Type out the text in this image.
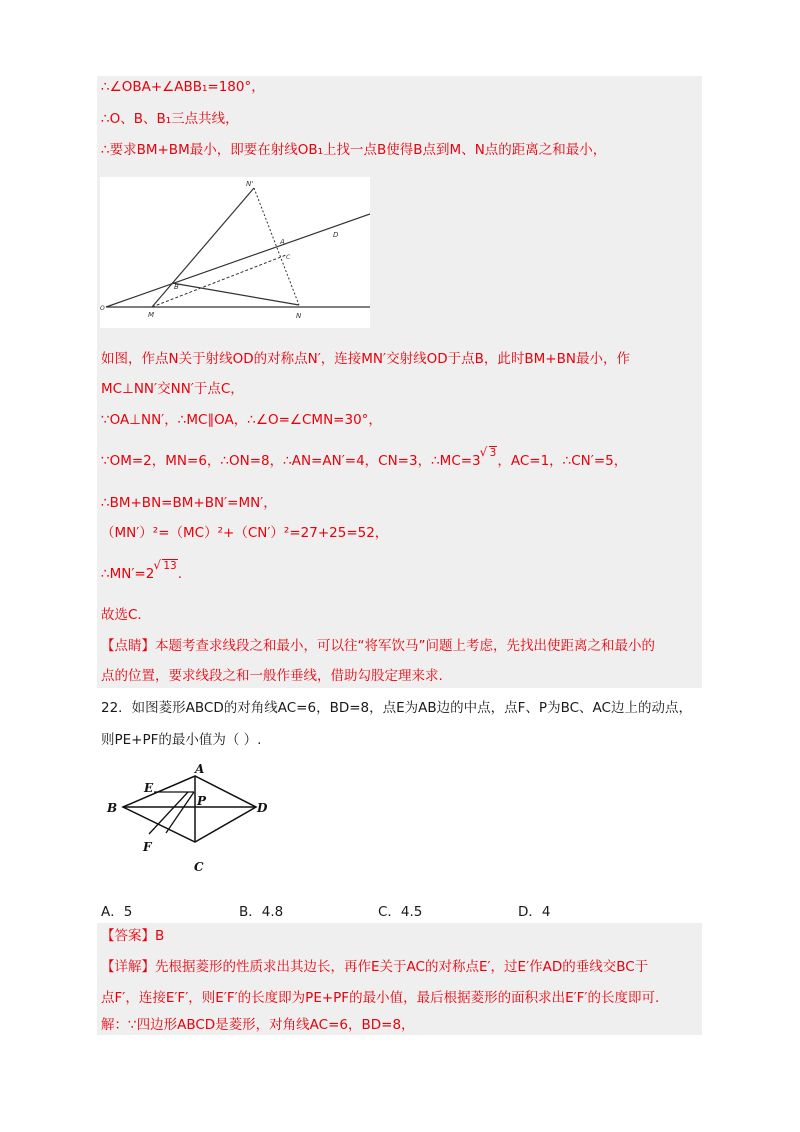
∴∠OBA+∠ABB₁=180°，
∴O、B、B₁三点共线，
∴要求BM+BM最小，即要在射线OB₁上找一点B使得B点到M、N点的距离之和最小，
N'
A
D
C
B
O
M	N
如图，作点N关于射线OD的对称点N′，连接MN′交射线OD于点B，此时BM+BN最小，作
MC⊥NN′交NN′于点C，
∵OA⊥NN′，∴MC∥OA，∴∠O=∠CMN=30°，
∵OM=2，MN=6，∴ON=8，∴AN=AN′=4，CN=3，∴MC=3 √ 3，AC=1，∴CN′=5，
∴BM+BN=BM+BN′=MN′，
（MN′）²=（MC）²+（CN′）²=27+25=52，
∴MN′=2 √ 13.
故选C.
【点睛】本题考查求线段之和最小，可以往“将军饮马”问题上考虑，先找出使距离之和最小的
点的位置，要求线段之和一般作垂线，借助勾股定理来求.
22．如图菱形ABCD的对角线AC=6，BD=8，点E为AB边的中点，点F、P为BC、AC边上的动点，
则PE+PF的最小值为（ ）.
A
B
C
D
E
F
P
A．5	B．4.8	C．4.5	D．4
【答案】B
【详解】先根据菱形的性质求出其边长，再作E关于AC的对称点E′，过E′作AD的垂线交BC于
点F′，连接E′F′，则E′F′的长度即为PE+PF的最小值，最后根据菱形的面积求出E′F′的长度即可.
解：∵四边形ABCD是菱形，对角线AC=6，BD=8，
